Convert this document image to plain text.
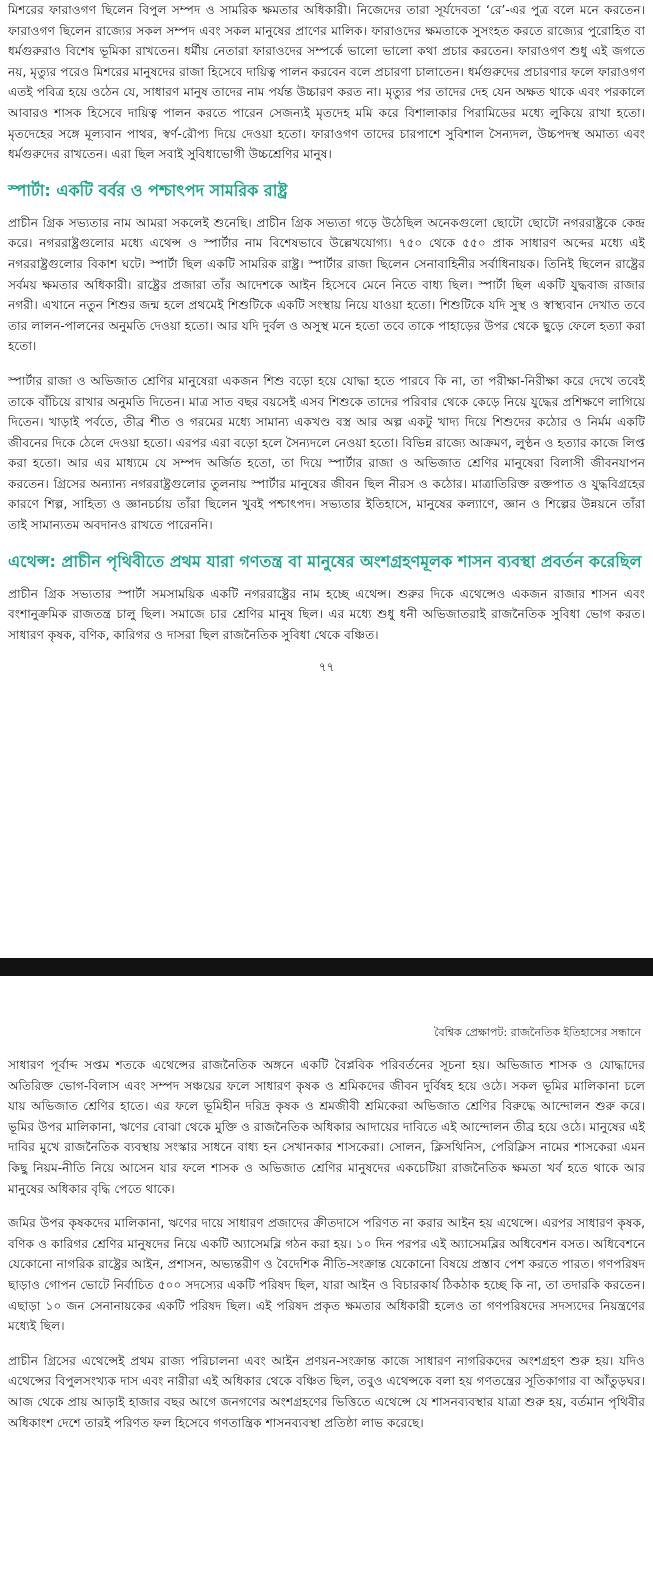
মিশরের ফারাওগণ ছিলেন বিপুল সম্পদ ও সামরিক ক্ষমতার অধিকারী। নিজেদের তারা সূর্যদেবতা ‘রে’-এর পুত্র বলে মনে করতেন। ফারাওগণ ছিলেন রাজ্যের সকল সম্পদ এবং সকল মানুষের প্রাণের মালিক। ফারাওদের ক্ষমতাকে সুসংহত করতে রাজ্যের পুরোহিত বা ধর্মগুরুরাও বিশেষ ভূমিকা রাখতেন। ধর্মীয় নেতারা ফারাওদের সম্পর্কে ভালো ভালো কথা প্রচার করতেন। ফারাওগণ শুধু এই জগতে নয়, মৃত্যুর পরেও মিশরের মানুষদের রাজা হিসেবে দায়িত্ব পালন করবেন বলে প্রচারণা চালাতেন। ধর্মগুরুদের প্রচারণার ফলে ফারাওগণ এতই পবিত্র হয়ে ওঠেন যে, সাধারণ মানুষ তাদের নাম পর্যন্ত উচ্চারণ করত না। মৃত্যুর পর তাদের দেহ যেন অক্ষত থাকে এবং পরকালে আবারও শাসক হিসেবে দায়িত্ব পালন করতে পারেন সেজন্যই মৃতদেহ মমি করে বিশালাকার পিরামিডের মধ্যে লুকিয়ে রাখা হতো। মৃতদেহের সঙ্গে মূল্যবান পাথর, স্বর্ণ-রৌপ্য দিয়ে দেওয়া হতো। ফারাওগণ তাদের চারপাশে সুবিশাল সৈন্যদল, উচ্চপদস্থ অমাত্য এবং ধর্মগুরুদের রাখতেন। এরা ছিল সবাই সুবিধাভোগী উচ্চশ্রেণির মানুষ।

স্পার্টা: একটি বর্বর ও পশ্চাৎপদ সামরিক রাষ্ট্র

প্রাচীন গ্রিক সভ্যতার নাম আমরা সকলেই শুনেছি। প্রাচীন গ্রিক সভ্যতা গড়ে উঠেছিল অনেকগুলো ছোটো ছোটো নগররাষ্ট্রকে কেন্দ্র করে। নগররাষ্ট্রগুলোর মধ্যে এথেন্স ও স্পার্টার নাম বিশেষভাবে উল্লেখযোগ্য। ৭৫০ থেকে ৫৫০ প্রাক সাধারণ অব্দের মধ্যে এই নগররাষ্ট্রগুলোর বিকাশ ঘটে। স্পার্টা ছিল একটি সামরিক রাষ্ট্র। স্পার্টার রাজা ছিলেন সেনাবাহিনীর সর্বাধিনায়ক। তিনিই ছিলেন রাষ্ট্রের সর্বময় ক্ষমতার অধিকারী। রাষ্ট্রের প্রজারা তাঁর আদেশকে আইন হিসেবে মেনে নিতে বাধ্য ছিল। স্পার্টা ছিল একটি যুদ্ধবাজ রাজার নগরী। এখানে নতুন শিশুর জন্ম হলে প্রথমেই শিশুটিকে একটি সংস্থায় নিয়ে যাওয়া হতো। শিশুটিকে যদি সুস্থ ও স্বাস্থ্যবান দেখাত তবে তার লালন-পালনের অনুমতি দেওয়া হতো। আর যদি দুর্বল ও অসুস্থ মনে হতো তবে তাকে পাহাড়ের উপর থেকে ছুড়ে ফেলে হত্যা করা হতো।

স্পার্টার রাজা ও অভিজাত শ্রেণির মানুষেরা একজন শিশু বড়ো হয়ে যোদ্ধা হতে পারবে কি না, তা পরীক্ষা-নিরীক্ষা করে দেখে তবেই তাকে বাঁচিয়ে রাখার অনুমতি দিতেন। মাত্র সাত বছর বয়সেই এসব শিশুকে তাদের পরিবার থেকে কেড়ে নিয়ে যুদ্ধের প্রশিক্ষণে লাগিয়ে দিতেন। খাড়াই পর্বতে, তীব্র শীত ও গরমের মধ্যে সামান্য একখণ্ড বস্ত্র আর অল্প একটু খাদ্য দিয়ে শিশুদের কঠোর ও নির্মম একটি জীবনের দিকে ঠেলে দেওয়া হতো। এরপর এরা বড়ো হলে সৈন্যদলে নেওয়া হতো। বিভিন্ন রাজ্যে আক্রমণ, লুণ্ঠন ও হত্যার কাজে লিপ্ত করা হতো। আর এর মাধ্যমে যে সম্পদ অর্জিত হতো, তা দিয়ে স্পার্টার রাজা ও অভিজাত শ্রেণির মানুষেরা বিলাসী জীবনযাপন করতেন। গ্রিসের অন্যান্য নগররাষ্ট্রগুলোর তুলনায় স্পার্টার মানুষের জীবন ছিল নীরস ও কঠোর। মাত্রাতিরিক্ত রক্তপাত ও যুদ্ধবিগ্রহের কারণে শিল্প, সাহিত্য ও জ্ঞানচর্চায় তাঁরা ছিলেন খুবই পশ্চাৎপদ। সভ্যতার ইতিহাসে, মানুষের কল্যাণে, জ্ঞান ও শিল্পের উন্নয়নে তাঁরা তাই সামান্যতম অবদানও রাখতে পারেননি।

এথেন্স: প্রাচীন পৃথিবীতে প্রথম যারা গণতন্ত্র বা মানুষের অংশগ্রহণমূলক শাসন ব্যবস্থা প্রবর্তন করেছিল

প্রাচীন গ্রিক সভ্যতার স্পার্টা সমসাময়িক একটি নগররাষ্ট্রের নাম হচ্ছে এথেন্স। শুরুর দিকে এথেন্সেও একজন রাজার শাসন এবং বংশানুক্রমিক রাজতন্ত্র চালু ছিল। সমাজে চার শ্রেণির মানুষ ছিল। এর মধ্যে শুধু ধনী অভিজাতরাই রাজনৈতিক সুবিধা ভোগ করত। সাধারণ কৃষক, বণিক, কারিগর ও দাসরা ছিল রাজনৈতিক সুবিধা থেকে বঞ্চিত।

৭৭
বৈশ্বিক প্রেক্ষাপট: রাজনৈতিক ইতিহাসের সন্ধানে

সাধারণ পূর্বাব্দ সপ্তম শতকে এথেন্সের রাজনৈতিক অঙ্গনে একটি বৈপ্লবিক পরিবর্তনের সূচনা হয়। অভিজাত শাসক ও যোদ্ধাদের অতিরিক্ত ভোগ-বিলাস এবং সম্পদ সঞ্চয়ের ফলে সাধারণ কৃষক ও শ্রমিকদের জীবন দুর্বিষহ হয়ে ওঠে। সকল ভূমির মালিকানা চলে যায় অভিজাত শ্রেণির হাতে। এর ফলে ভূমিহীন দরিদ্র কৃষক ও শ্রমজীবী শ্রমিকেরা অভিজাত শ্রেণির বিরুদ্ধে আন্দোলন শুরু করে। ভূমির উপর মালিকানা, ঋণের বোঝা থেকে মুক্তি ও রাজনৈতিক অধিকার আদায়ের দাবিতে এই আন্দোলন তীব্র হয়ে ওঠে। মানুষের এই দাবির মুখে রাজনৈতিক ব্যবস্থায় সংস্কার সাধনে বাধ্য হন সেখানকার শাসকেরা। সোলন, ক্লিসথিনিস, পেরিক্লিস নামের শাসকেরা এমন কিছু নিয়ম-নীতি নিয়ে আসেন যার ফলে শাসক ও অভিজাত শ্রেণির মানুষদের একচেটিয়া রাজনৈতিক ক্ষমতা খর্ব হতে থাকে আর মানুষের অধিকার বৃদ্ধি পেতে থাকে।

জমির উপর কৃষকদের মালিকানা, ঋণের দায়ে সাধারণ প্রজাদের ক্রীতদাসে পরিণত না করার আইন হয় এথেন্সে। এরপর সাধারণ কৃষক, বণিক ও কারিগর শ্রেণির মানুষদের নিয়ে একটি অ্যাসেমব্লি গঠন করা হয়। ১০ দিন পরপর এই অ্যাসেমব্লির অধিবেশন বসত। অধিবেশনে যেকোনো নাগরিক রাষ্ট্রের আইন, প্রশাসন, অভ্যন্তরীণ ও বৈদেশিক নীতি-সংক্রান্ত যেকোনো বিষয়ে প্রস্তাব পেশ করতে পারত। গণপরিষদ ছাড়াও গোপন ভোটে নির্বাচিত ৫০০ সদস্যের একটি পরিষদ ছিল, যারা আইন ও বিচারকার্য ঠিকঠাক হচ্ছে কি না, তা তদারকি করতেন। এছাড়া ১০ জন সেনানায়কের একটি পরিষদ ছিল। এই পরিষদ প্রকৃত ক্ষমতার অধিকারী হলেও তা গণপরিষদের সদস্যদের নিয়ন্ত্রণের মধ্যেই ছিল।

প্রাচীন গ্রিসের এথেন্সেই প্রথম রাজ্য পরিচালনা এবং আইন প্রণয়ন-সংক্রান্ত কাজে সাধারণ নাগরিকদের অংশগ্রহণ শুরু হয়। যদিও এথেন্সের বিপুলসংখ্যক দাস এবং নারীরা এই অধিকার থেকে বঞ্চিত ছিল, তবুও এথেন্সকে বলা হয় গণতন্ত্রের সূতিকাগার বা আঁতুড়ঘর। আজ থেকে প্রায় আড়াই হাজার বছর আগে জনগণের অংশগ্রহণের ভিত্তিতে এথেন্সে যে শাসনব্যবস্থার যাত্রা শুরু হয়, বর্তমান পৃথিবীর অধিকাংশ দেশে তারই পরিণত ফল হিসেবে গণতান্ত্রিক শাসনব্যবস্থা প্রতিষ্ঠা লাভ করেছে।
